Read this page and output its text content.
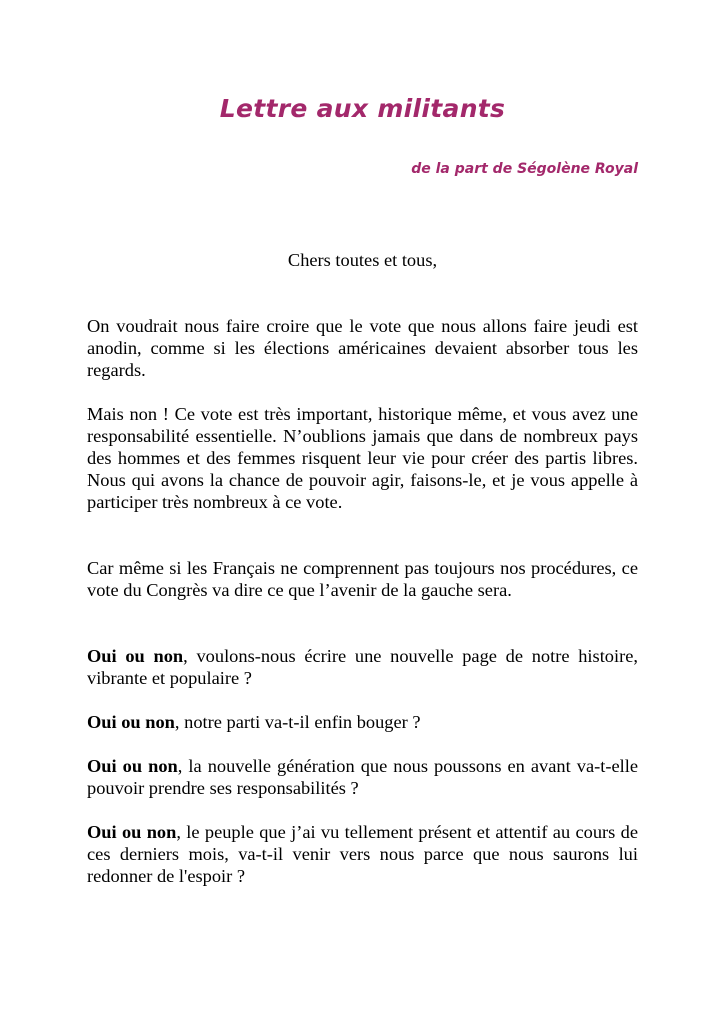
Lettre aux militants

de la part de Ségolène Royal

Chers toutes et tous,

On voudrait nous faire croire que le vote que nous allons faire jeudi est anodin, comme si les élections américaines devaient absorber tous les regards.

Mais non ! Ce vote est très important, historique même, et vous avez une responsabilité essentielle. N’oublions jamais que dans de nombreux pays des hommes et des femmes risquent leur vie pour créer des partis libres. Nous qui avons la chance de pouvoir agir, faisons-le, et je vous appelle à participer très nombreux à ce vote.

Car même si les Français ne comprennent pas toujours nos procédures, ce vote du Congrès va dire ce que l’avenir de la gauche sera.

Oui ou non, voulons-nous écrire une nouvelle page de notre histoire, vibrante et populaire ?

Oui ou non, notre parti va-t-il enfin bouger ?

Oui ou non, la nouvelle génération que nous poussons en avant va-t-elle pouvoir prendre ses responsabilités ?

Oui ou non, le peuple que j’ai vu tellement présent et attentif au cours de ces derniers mois, va-t-il venir vers nous parce que nous saurons lui redonner de l'espoir ?
